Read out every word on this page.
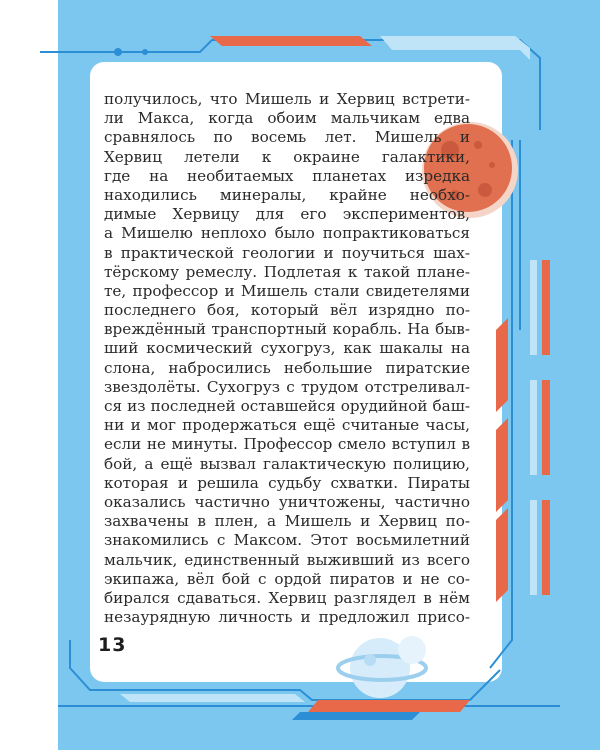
получилось, что Мишель и Хервиц встрети-
ли Макса, когда обоим мальчикам едва
сравнялось по восемь лет. Мишель и
Хервиц летели к окраине галактики,
где на необитаемых планетах изредка
находились минералы, крайне необхо-
димые Хервицу для его экспериментов,
а Мишелю неплохо было попрактиковаться
в практической геологии и поучиться шах-
тёрскому ремеслу. Подлетая к такой плане-
те, профессор и Мишель стали свидетелями
последнего боя, который вёл изрядно по-
вреждённый транспортный корабль. На быв-
ший космический сухогруз, как шакалы на
слона, набросились небольшие пиратские
звездолёты. Сухогруз с трудом отстреливал-
ся из последней оставшейся орудийной баш-
ни и мог продержаться ещё считаные часы,
если не минуты. Профессор смело вступил в
бой, а ещё вызвал галактическую полицию,
которая и решила судьбу схватки. Пираты
оказались частично уничтожены, частично
захвачены в плен, а Мишель и Хервиц по-
знакомились с Максом. Этот восьмилетний
мальчик, единственный выживший из всего
экипажа, вёл бой с ордой пиратов и не со-
бирался сдаваться. Хервиц разглядел в нём
незаурядную личность и предложил присо-
13
